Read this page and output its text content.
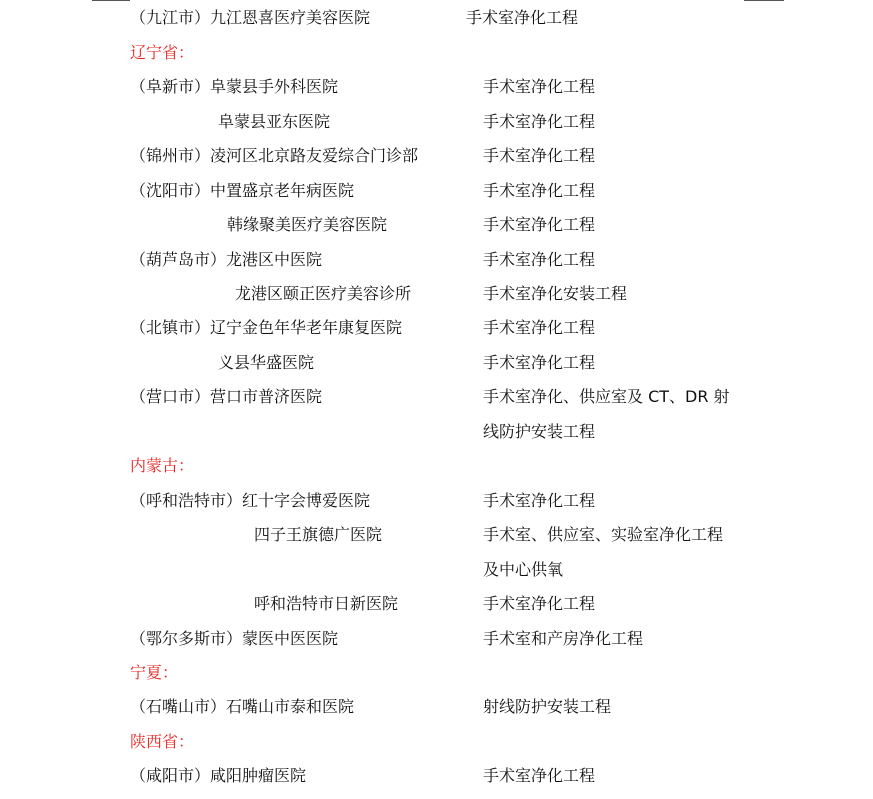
（九江市）九江恩喜医疗美容医院	手术室净化工程
辽宁省：
（阜新市）阜蒙县手外科医院	手术室净化工程
阜蒙县亚东医院	手术室净化工程
（锦州市）凌河区北京路友爱综合门诊部	手术室净化工程
（沈阳市）中置盛京老年病医院	手术室净化工程
韩缘聚美医疗美容医院	手术室净化工程
（葫芦岛市）龙港区中医院	手术室净化工程
龙港区颐正医疗美容诊所	手术室净化安装工程
（北镇市）辽宁金色年华老年康复医院	手术室净化工程
义县华盛医院	手术室净化工程
（营口市）营口市普济医院	手术室净化、供应室及 CT、DR 射
线防护安装工程
内蒙古：
（呼和浩特市）红十字会博爱医院	手术室净化工程
四子王旗德广医院	手术室、供应室、实验室净化工程
及中心供氧
呼和浩特市日新医院	手术室净化工程
（鄂尔多斯市）蒙医中医医院	手术室和产房净化工程
宁夏：
（石嘴山市）石嘴山市泰和医院	射线防护安装工程
陕西省：
（咸阳市）咸阳肿瘤医院	手术室净化工程
